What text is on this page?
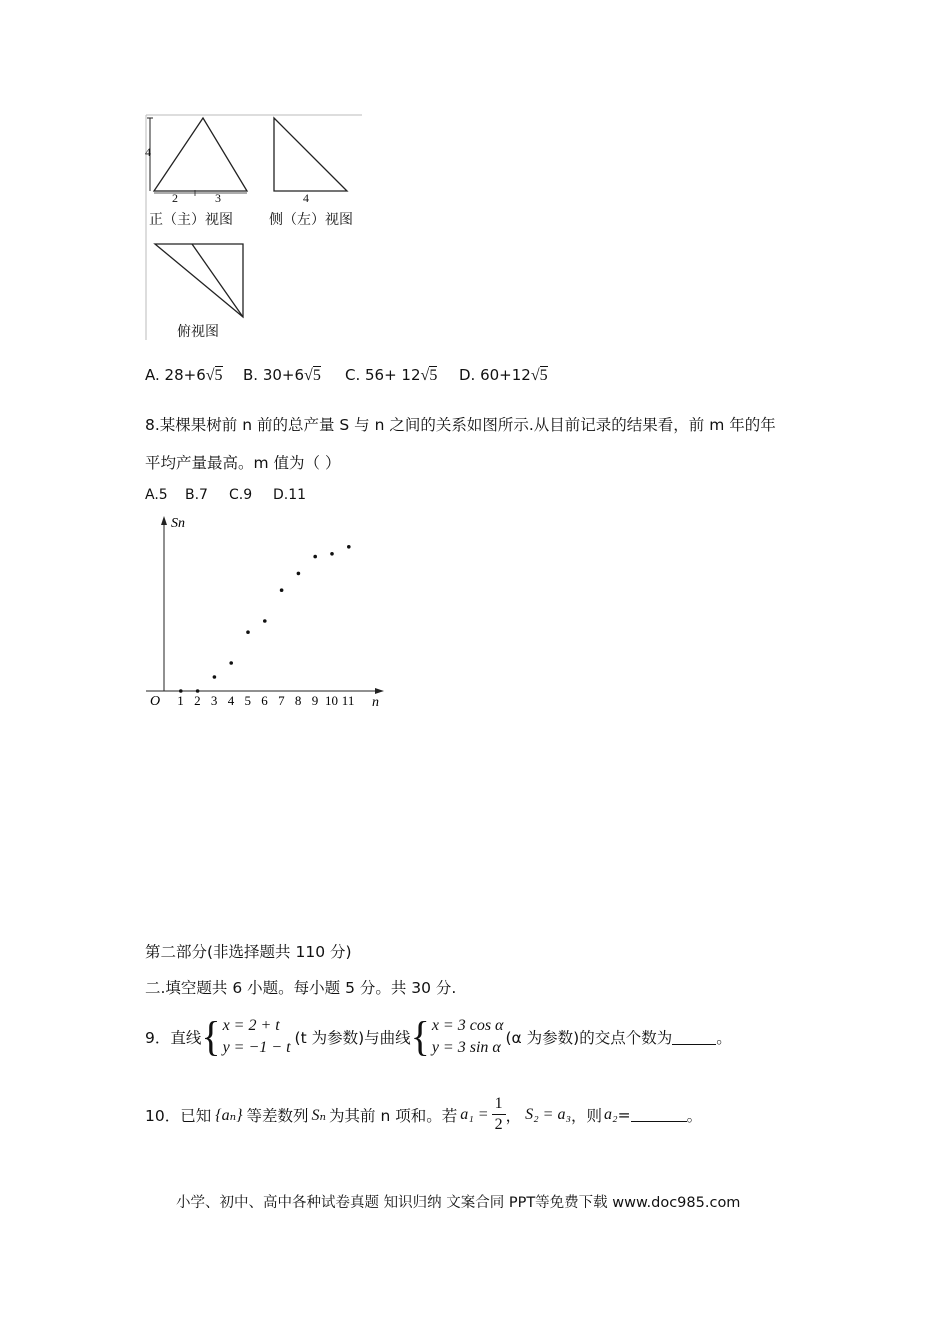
4
2	3	4
正（主）视图	侧（左）视图
俯视图
A. 28+6√5 B. 30+6√5 C. 56+ 12√5 D. 60+12√5
8.某棵果树前 n 前的总产量 S 与 n 之间的关系如图所示.从目前记录的结果看，前 m 年的年
平均产量最高。m 值为（ ）
A.5 B.7 C.9 D.11
Sn
n
O 1 2 3 4 5 6 7 8 9 10 11
第二部分(非选择题共 110 分)
二.填空题共 6 小题。每小题 5 分。共 30 分.
9．直线 { x = 2 + t
y = −1 − t
(t 为参数)与曲线 { x = 3 cos α
y = 3 sin α
(α 为参数)的交点个数为	。
10．已知 {aₙ} 等差数列 Sₙ 为其前 n 项和。若 $a_1 = \frac{1}{2}$ ， S₂ = a₃ ，则 a₂ =	。
小学、初中、高中各种试卷真题 知识归纳 文案合同 PPT等免费下载 www.doc985.com
